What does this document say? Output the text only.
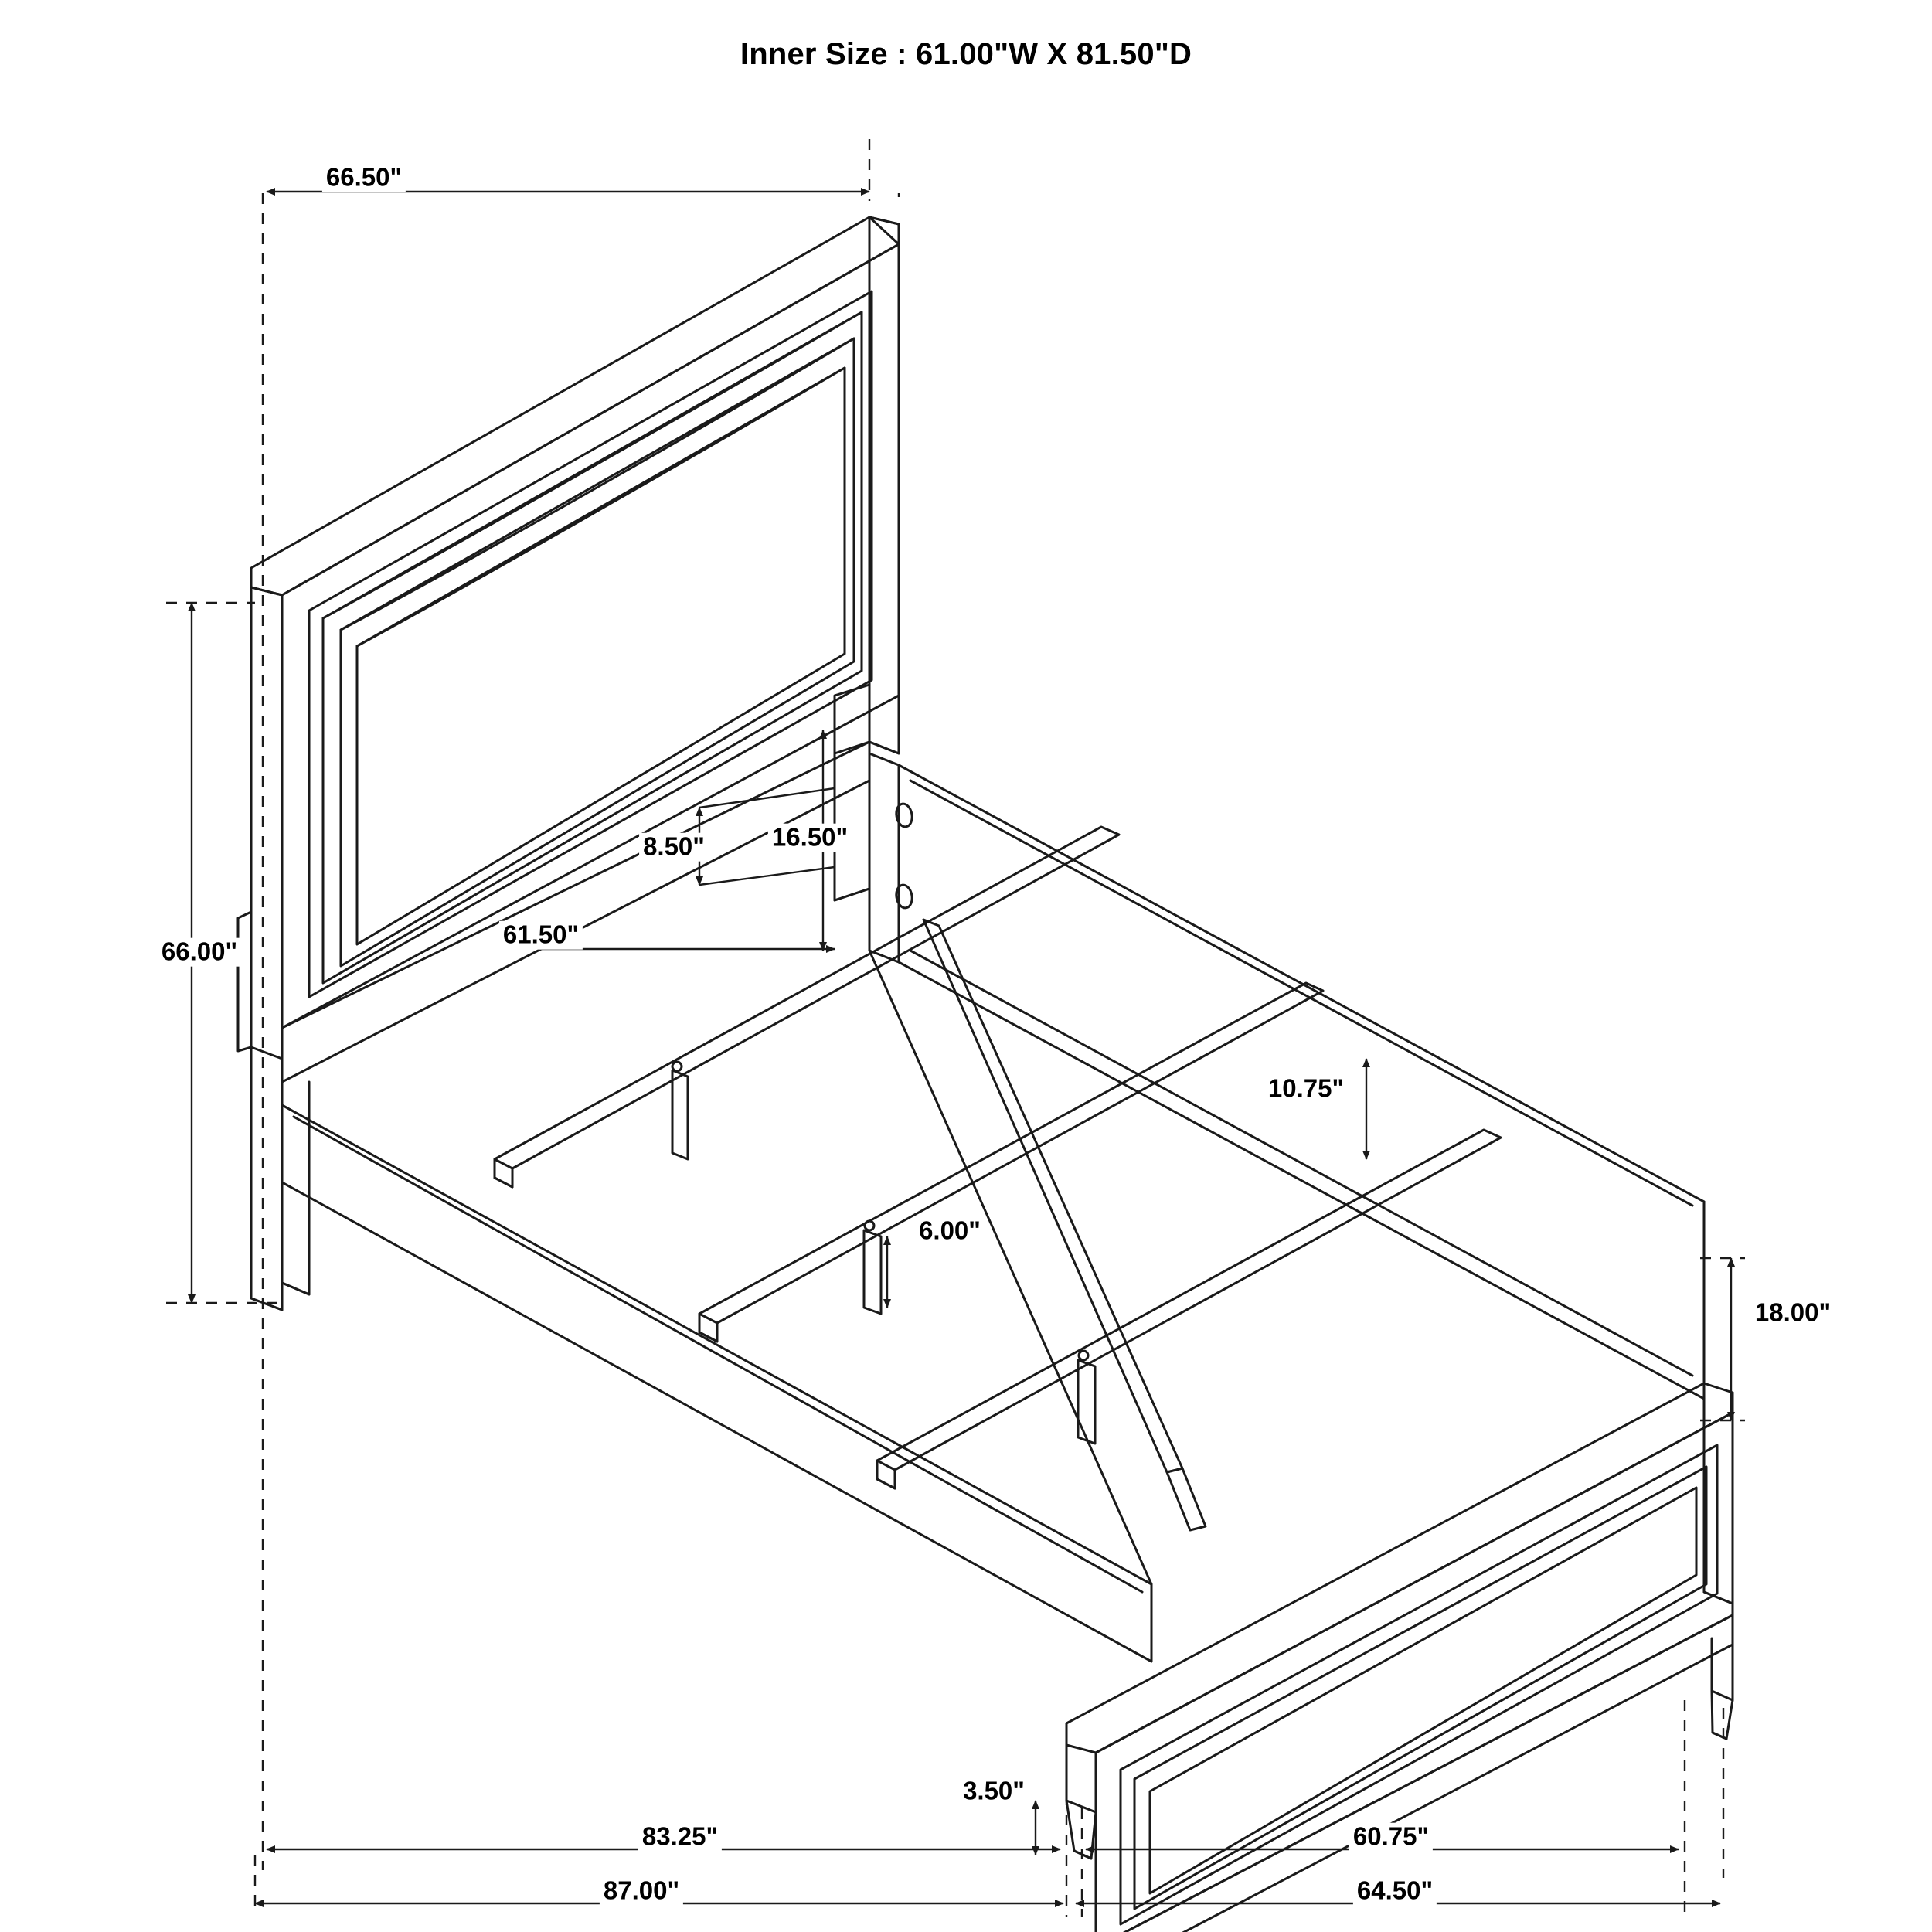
Inner Size : 61.00"W X 81.50"D
66.50"
66.00"
61.50"
8.50"	16.50"
10.75"
6.00"
18.00"
3.50"
83.25"	60.75"
87.00"	64.50"
